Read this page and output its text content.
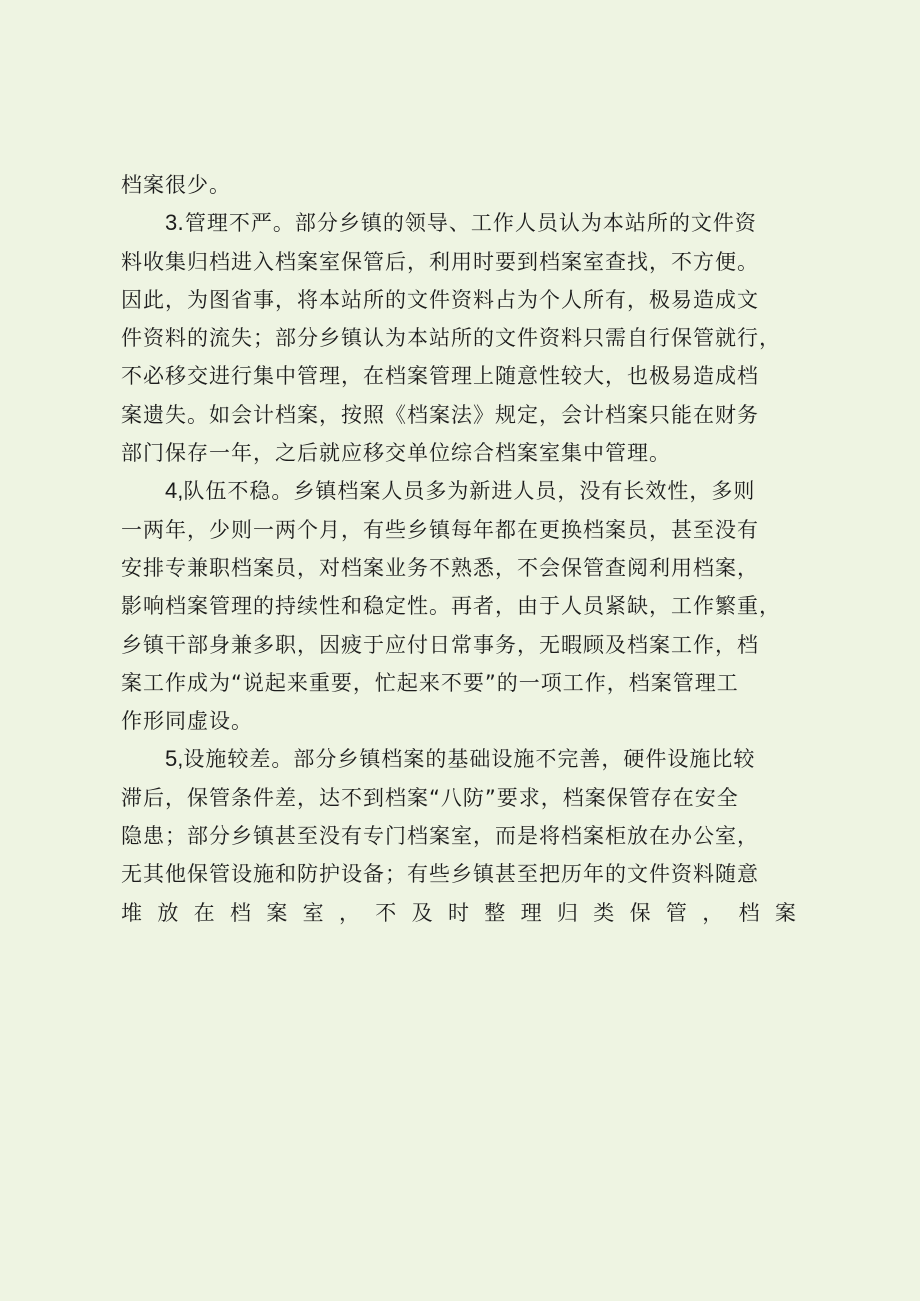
档案很少。

3.管理不严。部分乡镇的领导、工作人员认为本站所的文件资
料收集归档进入档案室保管后，利用时要到档案室查找，不方便。
因此，为图省事，将本站所的文件资料占为个人所有，极易造成文
件资料的流失；部分乡镇认为本站所的文件资料只需自行保管就行，
不必移交进行集中管理，在档案管理上随意性较大，也极易造成档
案遗失。如会计档案，按照《档案法》规定，会计档案只能在财务
部门保存一年，之后就应移交单位综合档案室集中管理。

4,队伍不稳。乡镇档案人员多为新进人员，没有长效性，多则
一两年，少则一两个月，有些乡镇每年都在更换档案员，甚至没有
安排专兼职档案员，对档案业务不熟悉，不会保管查阅利用档案，
影响档案管理的持续性和稳定性。再者，由于人员紧缺，工作繁重，
乡镇干部身兼多职，因疲于应付日常事务，无暇顾及档案工作，档
案工作成为“说起来重要，忙起来不要”的一项工作，档案管理工
作形同虚设。

5,设施较差。部分乡镇档案的基础设施不完善，硬件设施比较
滞后，保管条件差，达不到档案“八防”要求，档案保管存在安全
隐患；部分乡镇甚至没有专门档案室，而是将档案柜放在办公室，
无其他保管设施和防护设备；有些乡镇甚至把历年的文件资料随意
堆 放 在 档 案 室 ， 不 及 时 整 理 归 类 保 管 ， 档 案
